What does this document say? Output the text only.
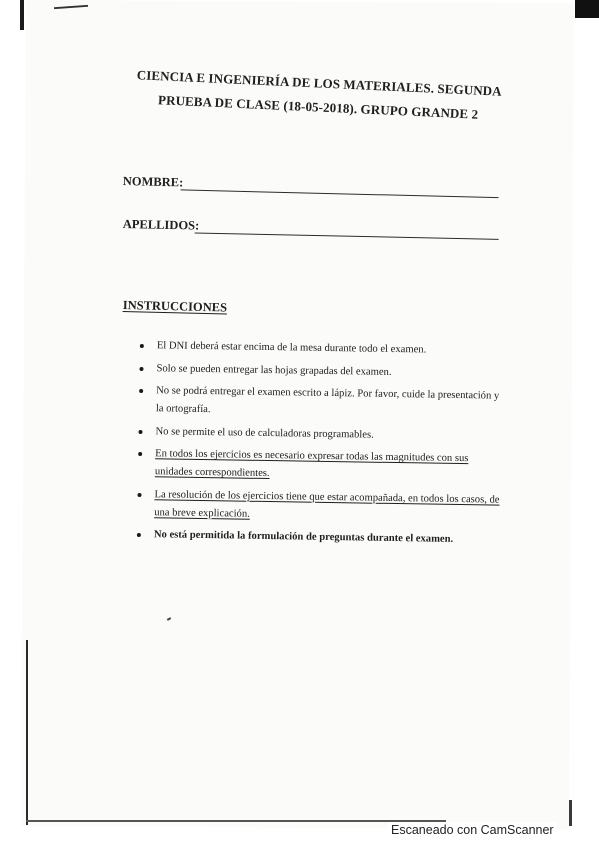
CIENCIA E INGENIERÍA DE LOS MATERIALES. SEGUNDA PRUEBA DE CLASE (18-05-2018). GRUPO GRANDE 2
NOMBRE:
APELLIDOS:
INSTRUCCIONES
El DNI deberá estar encima de la mesa durante todo el examen.
Solo se pueden entregar las hojas grapadas del examen.
No se podrá entregar el examen escrito a lápiz. Por favor, cuide la presentación y la ortografía.
No se permite el uso de calculadoras programables.
En todos los ejercicios es necesario expresar todas las magnitudes con sus unidades correspondientes.
La resolución de los ejercicios tiene que estar acompañada, en todos los casos, de una breve explicación.
No está permitida la formulación de preguntas durante el examen.
Escaneado con CamScanner
